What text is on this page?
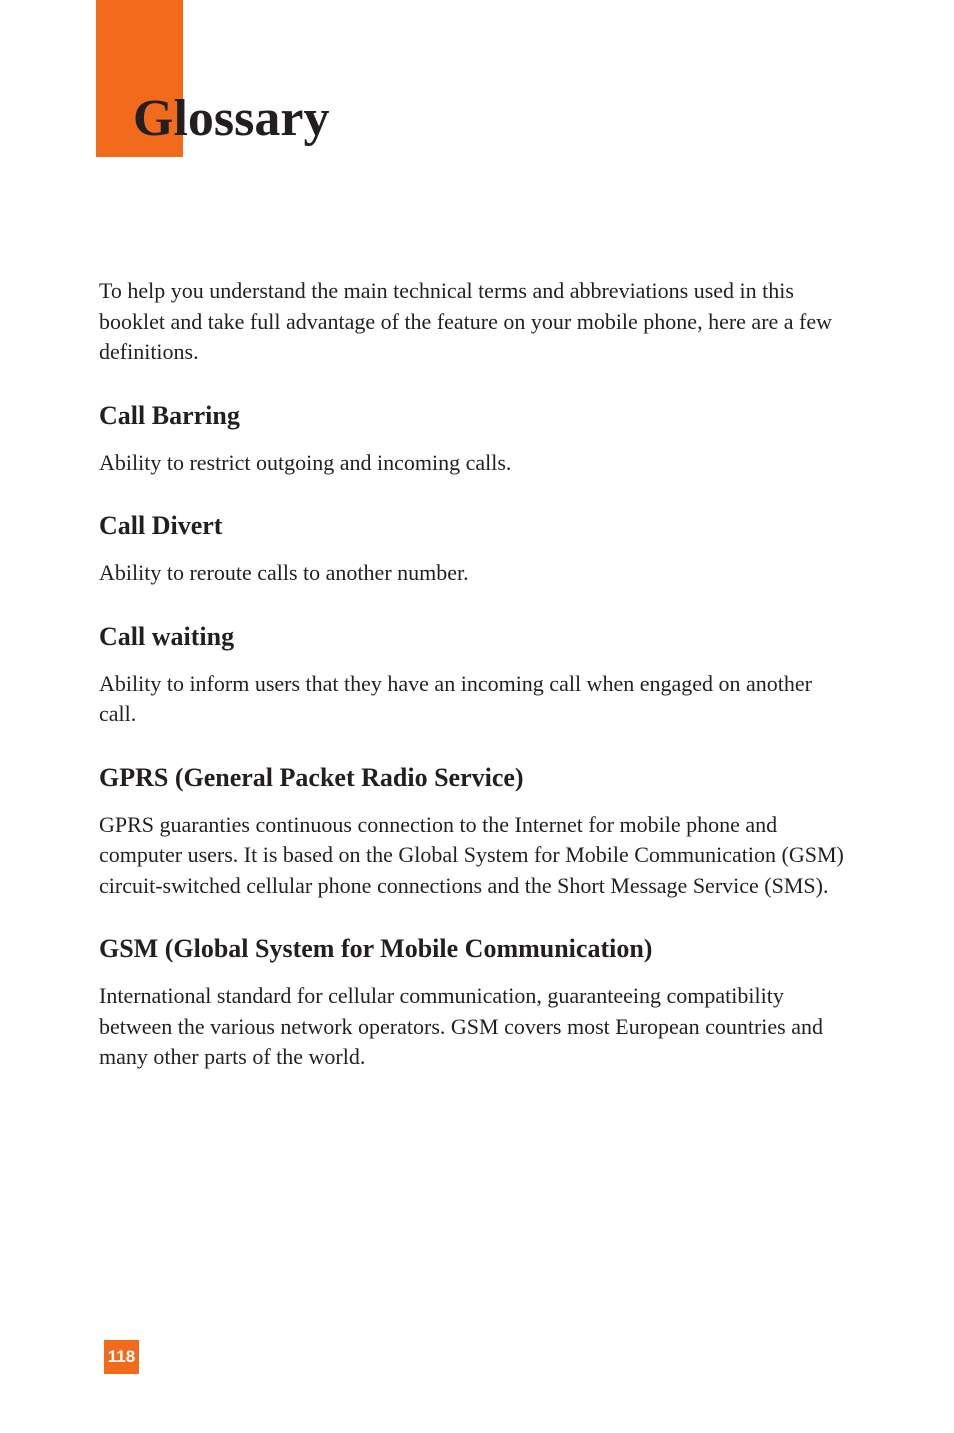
Glossary

To help you understand the main technical terms and abbreviations used in this booklet and take full advantage of the feature on your mobile phone, here are a few definitions.

Call Barring

Ability to restrict outgoing and incoming calls.

Call Divert

Ability to reroute calls to another number.

Call waiting

Ability to inform users that they have an incoming call when engaged on another call.

GPRS (General Packet Radio Service)

GPRS guaranties continuous connection to the Internet for mobile phone and computer users. It is based on the Global System for Mobile Communication (GSM) circuit-switched cellular phone connections and the Short Message Service (SMS).

GSM (Global System for Mobile Communication)

International standard for cellular communication, guaranteeing compatibility between the various network operators. GSM covers most European countries and many other parts of the world.

118
